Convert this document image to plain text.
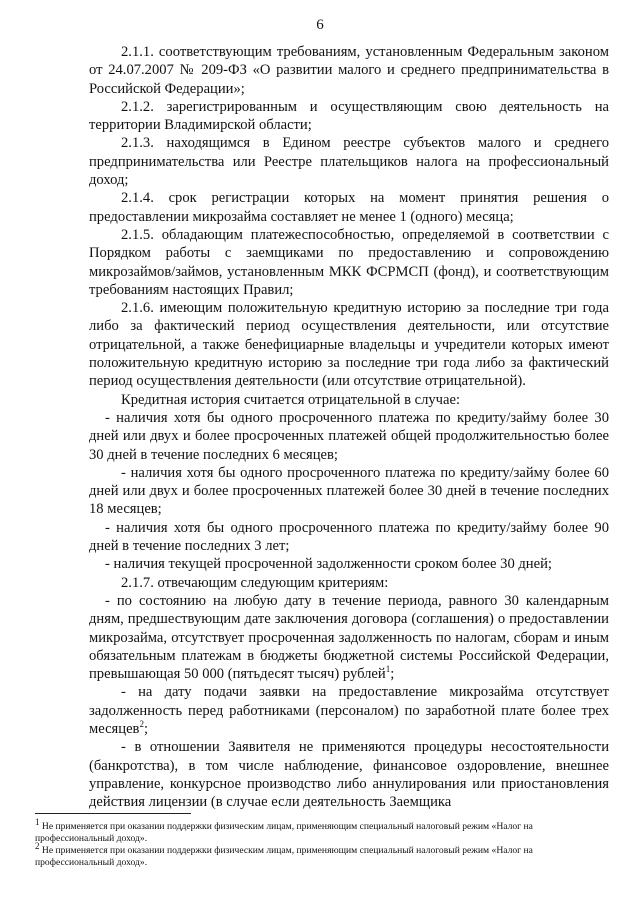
6

2.1.1. соответствующим требованиям, установленным Федеральным законом от 24.07.2007 № 209-ФЗ «О развитии малого и среднего предпринимательства в Российской Федерации»;

2.1.2. зарегистрированным и осуществляющим свою деятельность на территории Владимирской области;

2.1.3. находящимся в Едином реестре субъектов малого и среднего предпринимательства или Реестре плательщиков налога на профессиональный доход;

2.1.4. срок регистрации которых на момент принятия решения о предоставлении микрозайма составляет не менее 1 (одного) месяца;

2.1.5. обладающим платежеспособностью, определяемой в соответствии с Порядком работы с заемщиками по предоставлению и сопровождению микрозаймов/займов, установленным МКК ФСРМСП (фонд), и соответствующим требованиям настоящих Правил;

2.1.6. имеющим положительную кредитную историю за последние три года либо за фактический период осуществления деятельности, или отсутствие отрицательной, а также бенефициарные владельцы и учредители которых имеют положительную кредитную историю за последние три года либо за фактический период осуществления деятельности (или отсутствие отрицательной).

Кредитная история считается отрицательной в случае:

- наличия хотя бы одного просроченного платежа по кредиту/займу более 30 дней или двух и более просроченных платежей общей продолжительностью более 30 дней в течение последних 6 месяцев;

- наличия хотя бы одного просроченного платежа по кредиту/займу более 60 дней или двух и более просроченных платежей более 30 дней в течение последних 18 месяцев;

- наличия хотя бы одного просроченного платежа по кредиту/займу более 90 дней в течение последних 3 лет;

- наличия текущей просроченной задолженности сроком более 30 дней;

2.1.7. отвечающим следующим критериям:

- по состоянию на любую дату в течение периода, равного 30 календарным дням, предшествующим дате заключения договора (соглашения) о предоставлении микрозайма, отсутствует просроченная задолженность по налогам, сборам и иным обязательным платежам в бюджеты бюджетной системы Российской Федерации, превышающая 50 000 (пятьдесят тысяч) рублей$^1$;

- на дату подачи заявки на предоставление микрозайма отсутствует задолженность перед работниками (персоналом) по заработной плате более трех месяцев$^2$;

- в отношении Заявителя не применяются процедуры несостоятельности (банкротства), в том числе наблюдение, финансовое оздоровление, внешнее управление, конкурсное производство либо аннулирования или приостановления действия лицензии (в случае если деятельность Заемщика

$^1$ Не применяется при оказании поддержки физическим лицам, применяющим специальный налоговый режим «Налог на профессиональный доход».

$^2$ Не применяется при оказании поддержки физическим лицам, применяющим специальный налоговый режим «Налог на профессиональный доход».
